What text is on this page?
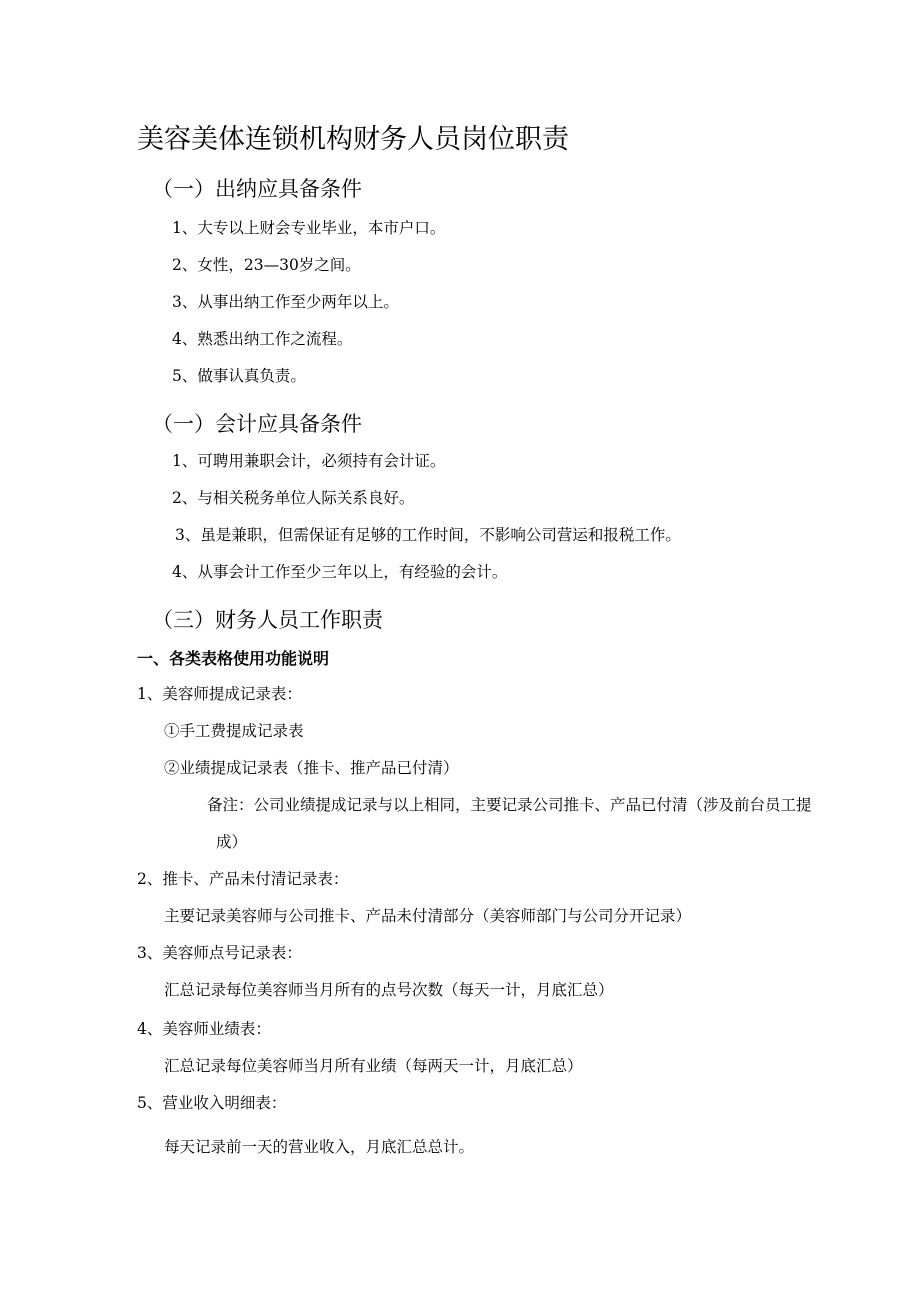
美容美体连锁机构财务人员岗位职责
（一）出纳应具备条件
1、大专以上财会专业毕业，本市户口。
2、女性，23—30岁之间。
3、从事出纳工作至少两年以上。
4、熟悉出纳工作之流程。
5、做事认真负责。
（一）会计应具备条件
1、可聘用兼职会计，必须持有会计证。
2、与相关税务单位人际关系良好。
3、虽是兼职，但需保证有足够的工作时间，不影响公司营运和报税工作。
4、从事会计工作至少三年以上，有经验的会计。
（三）财务人员工作职责
一、各类表格使用功能说明
1、美容师提成记录表：
①手工费提成记录表
②业绩提成记录表（推卡、推产品已付清）
备注：公司业绩提成记录与以上相同，主要记录公司推卡、产品已付清（涉及前台员工提
成）
2、推卡、产品未付清记录表：
主要记录美容师与公司推卡、产品未付清部分（美容师部门与公司分开记录）
3、美容师点号记录表：
汇总记录每位美容师当月所有的点号次数（每天一计，月底汇总）
4、美容师业绩表：
汇总记录每位美容师当月所有业绩（每两天一计，月底汇总）
5、营业收入明细表：
每天记录前一天的营业收入，月底汇总总计。
